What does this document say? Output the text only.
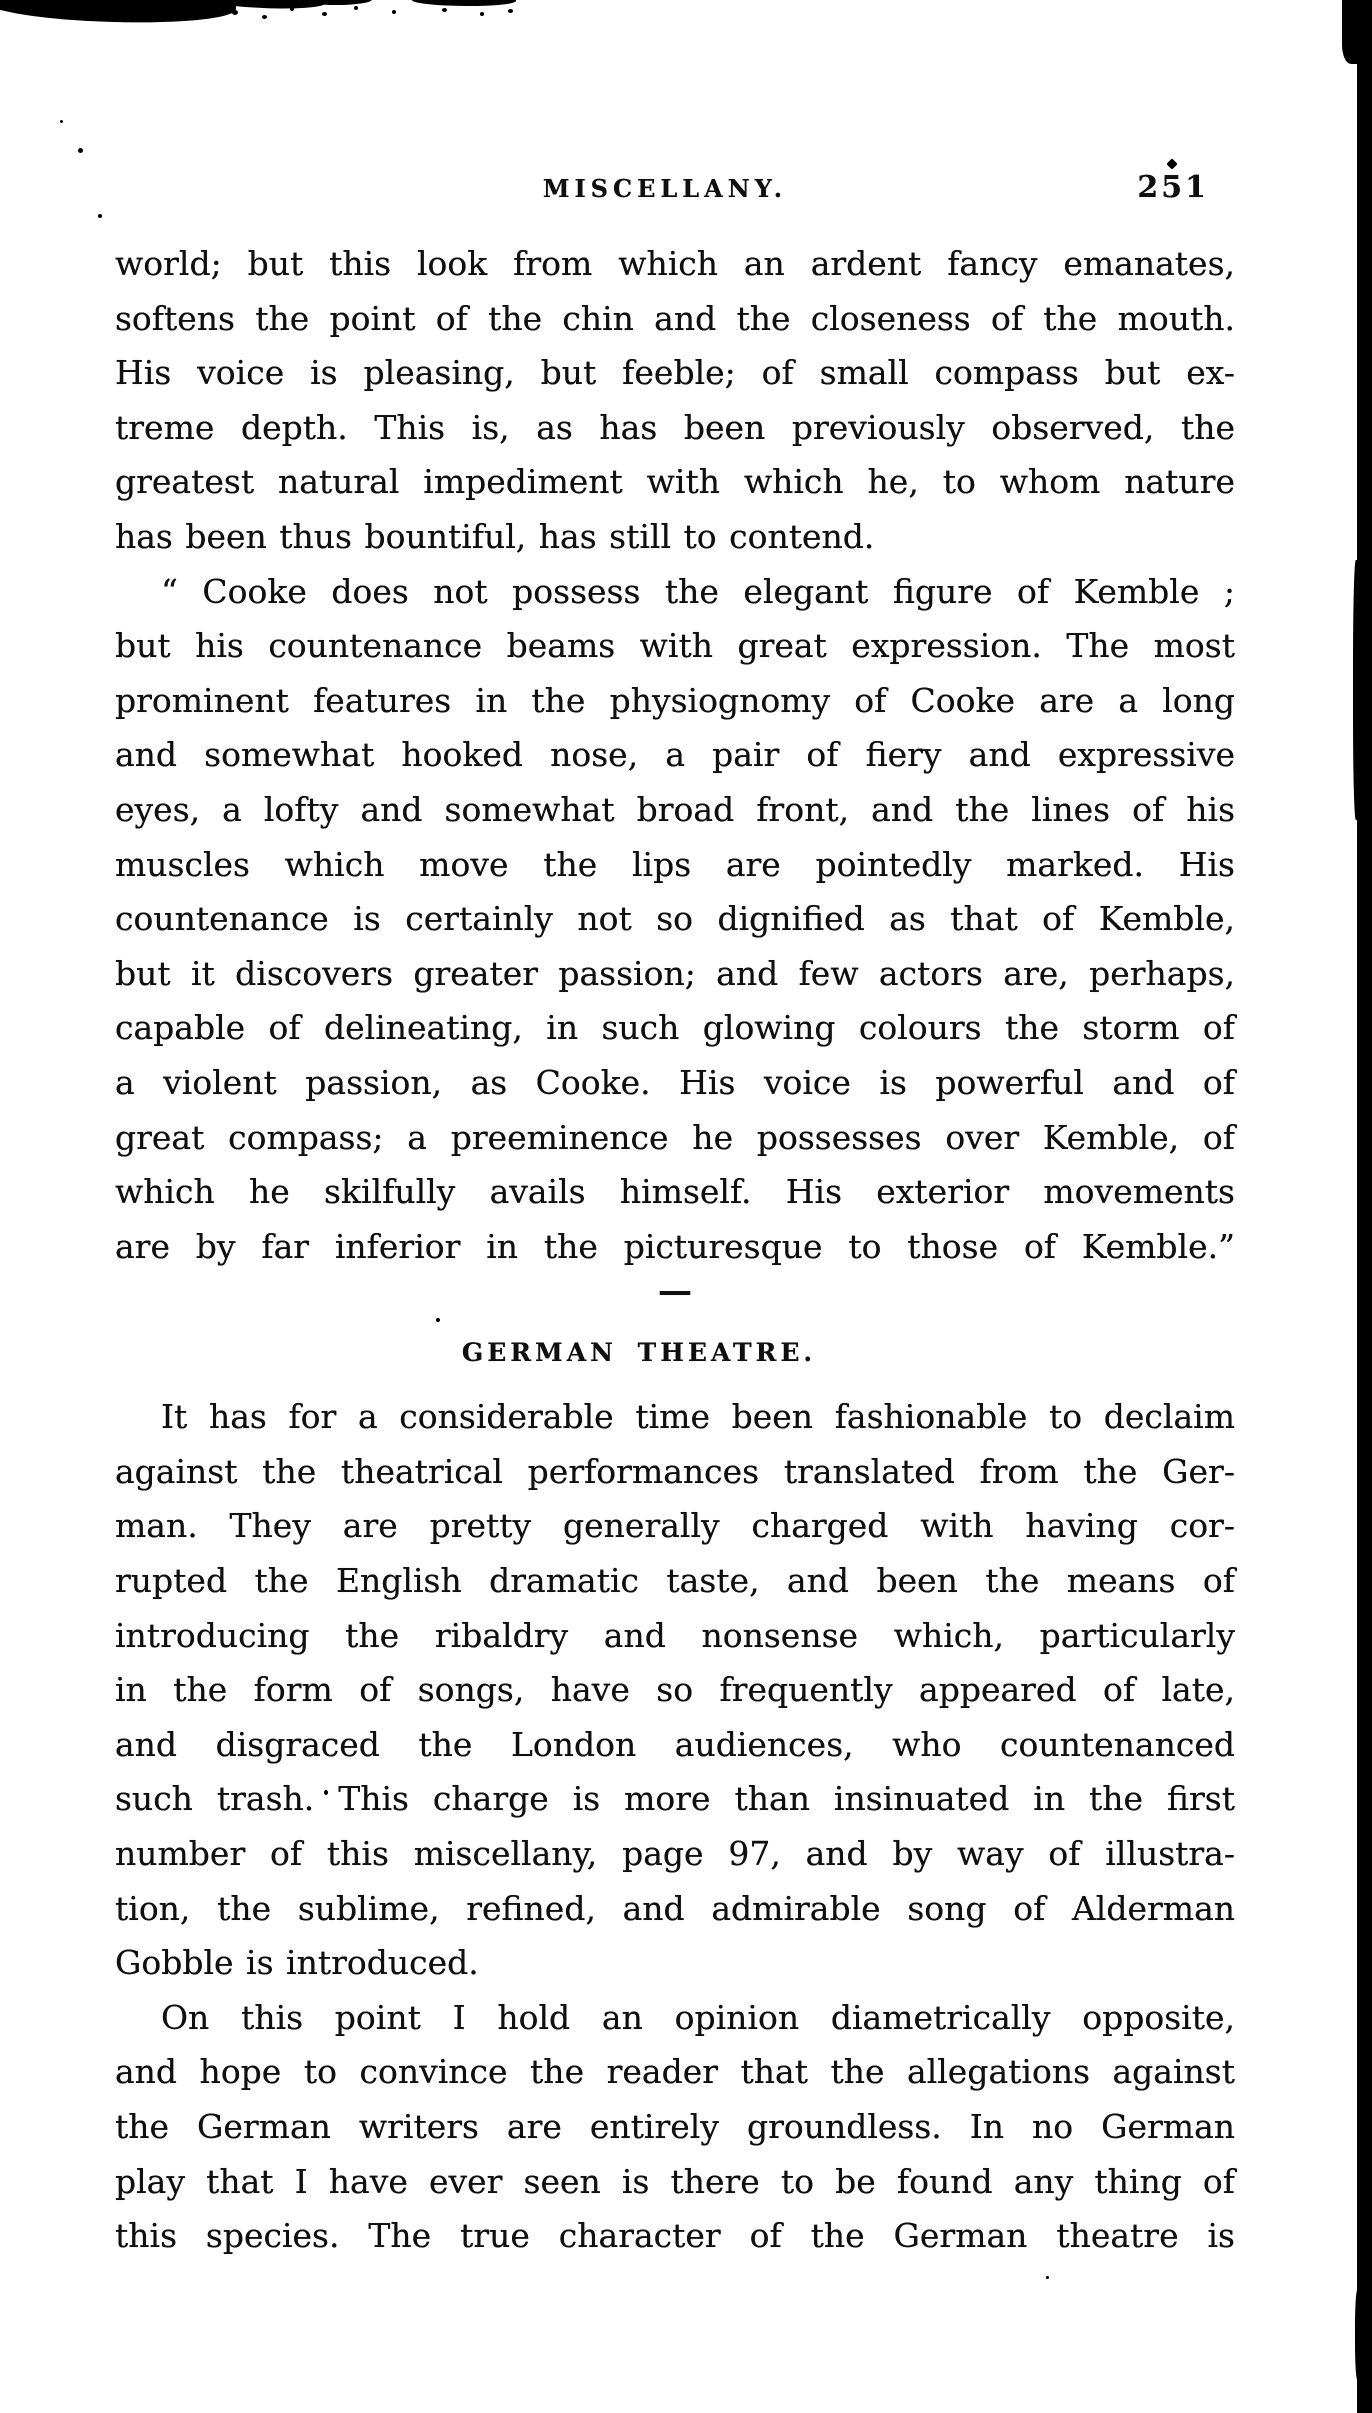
MISCELLANY.	251
world; but this look from which an ardent fancy emanates,
softens the point of the chin and the closeness of the mouth.
His voice is pleasing, but feeble; of small compass but ex-
treme depth. This is, as has been previously observed, the
greatest natural impediment with which he, to whom nature
has been thus bountiful, has still to contend.
“ Cooke does not possess the elegant figure of Kemble ;
but his countenance beams with great expression. The most
prominent features in the physiognomy of Cooke are a long
and somewhat hooked nose, a pair of fiery and expressive
eyes, a lofty and somewhat broad front, and the lines of his
muscles which move the lips are pointedly marked. His
countenance is certainly not so dignified as that of Kemble,
but it discovers greater passion; and few actors are, perhaps,
capable of delineating, in such glowing colours the storm of
a violent passion, as Cooke. His voice is powerful and of
great compass; a preeminence he possesses over Kemble, of
which he skilfully avails himself. His exterior movements
are by far inferior in the picturesque to those of Kemble.”
—
GERMAN THEATRE.
It has for a considerable time been fashionable to declaim
against the theatrical performances translated from the Ger-
man. They are pretty generally charged with having cor-
rupted the English dramatic taste, and been the means of
introducing the ribaldry and nonsense which, particularly
in the form of songs, have so frequently appeared of late,
and disgraced the London audiences, who countenanced
such trash. This charge is more than insinuated in the first
number of this miscellany, page 97, and by way of illustra-
tion, the sublime, refined, and admirable song of Alderman
Gobble is introduced.
On this point I hold an opinion diametrically opposite,
and hope to convince the reader that the allegations against
the German writers are entirely groundless. In no German
play that I have ever seen is there to be found any thing of
this species. The true character of the German theatre is
